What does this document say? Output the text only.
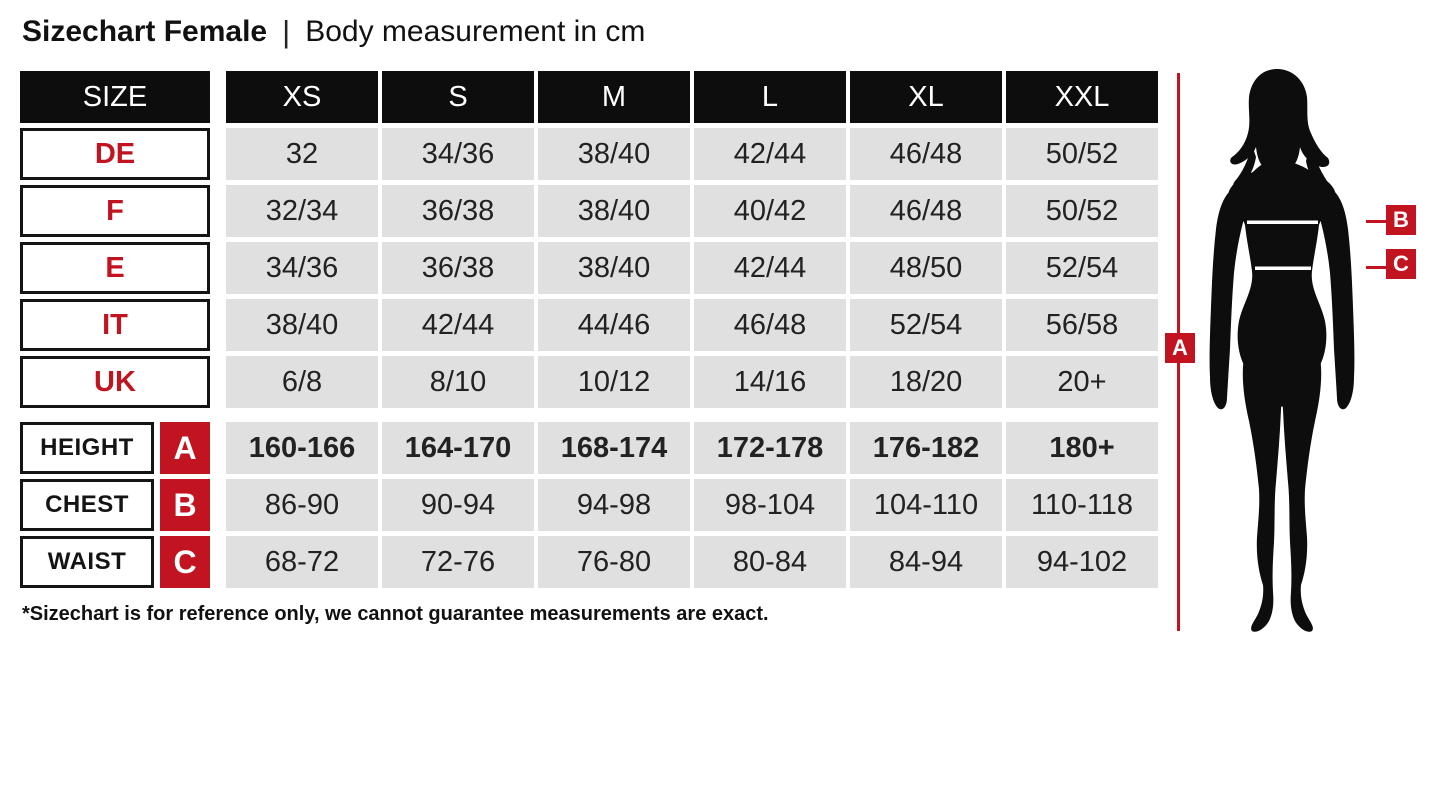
Sizechart Female | Body measurement in cm
SIZE	XS	S	M	L	XL	XXL
DE	32	34/36	38/40	42/44	46/48	50/52
F	32/34	36/38	38/40	40/42	46/48	50/52
E	34/36	36/38	38/40	42/44	48/50	52/54
IT	38/40	42/44	44/46	46/48	52/54	56/58
UK	6/8	8/10	10/12	14/16	18/20	20+
HEIGHT	A	160-166	164-170	168-174	172-178	176-182	180+
CHEST	B	86-90	90-94	94-98	98-104	104-110	110-118
WAIST	C	68-72	72-76	76-80	80-84	84-94	94-102
*Sizechart is for reference only, we cannot guarantee measurements are exact.
A
B
C
